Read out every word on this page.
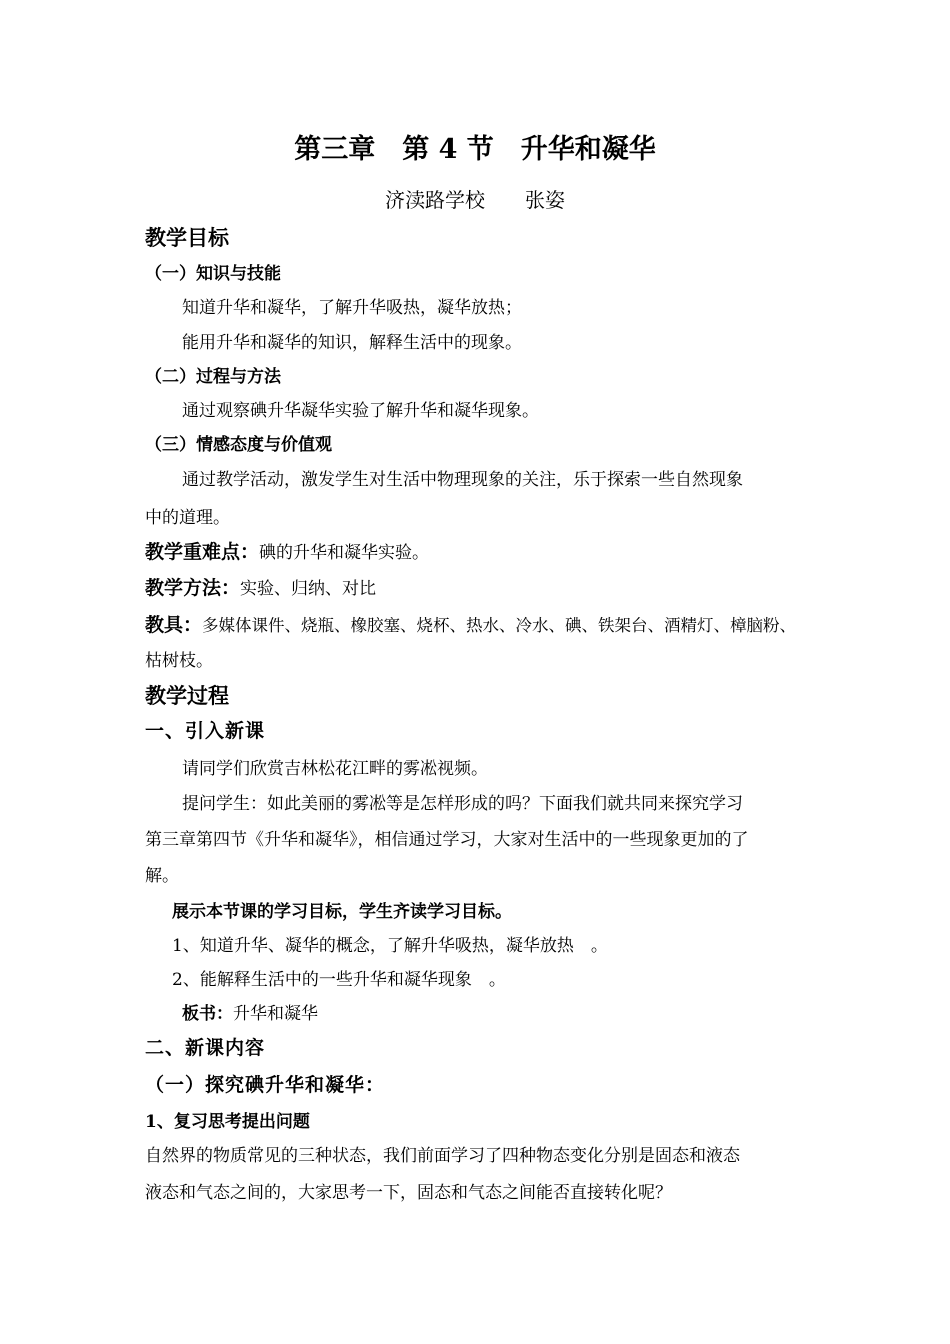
第三章　第 4 节　升华和凝华
济渎路学校　　张姿
教学目标
（一）知识与技能
知道升华和凝华，了解升华吸热，凝华放热；
能用升华和凝华的知识，解释生活中的现象。
（二）过程与方法
通过观察碘升华凝华实验了解升华和凝华现象。
（三）情感态度与价值观
通过教学活动，激发学生对生活中物理现象的关注，乐于探索一些自然现象
中的道理。
教学重难点：碘的升华和凝华实验。
教学方法：实验、归纳、对比
教具：多媒体课件、烧瓶、橡胶塞、烧杯、热水、冷水、碘、铁架台、酒精灯、樟脑粉、
枯树枝。
教学过程
一、引入新课
请同学们欣赏吉林松花江畔的雾凇视频。
提问学生：如此美丽的雾凇等是怎样形成的吗？下面我们就共同来探究学习
第三章第四节《升华和凝华》，相信通过学习，大家对生活中的一些现象更加的了
解。
展示本节课的学习目标，学生齐读学习目标。
1、知道升华、凝华的概念，了解升华吸热，凝华放热　。
2、能解释生活中的一些升华和凝华现象　。
板书：升华和凝华
二、新课内容
（一）探究碘升华和凝华：
1、复习思考提出问题
自然界的物质常见的三种状态，我们前面学习了四种物态变化分别是固态和液态
液态和气态之间的，大家思考一下，固态和气态之间能否直接转化呢？
